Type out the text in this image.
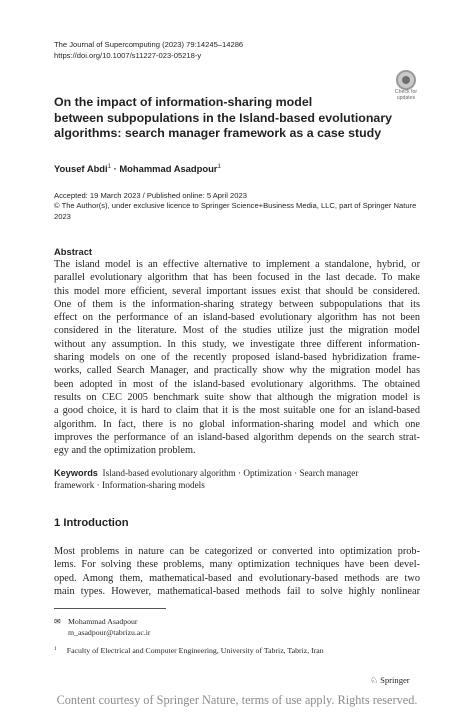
The Journal of Supercomputing (2023) 79:14245–14286
https://doi.org/10.1007/s11227-023-05218-y
Check for
updates
On the impact of information-sharing model
between subpopulations in the Island-based evolutionary
algorithms: search manager framework as a case study
Yousef Abdi$^1$ · Mohammad Asadpour$^1$
Accepted: 19 March 2023 / Published online: 5 April 2023
© The Author(s), under exclusive licence to Springer Science+Business Media, LLC, part of Springer Nature
2023
Abstract
The island model is an effective alternative to implement a standalone, hybrid, or
parallel evolutionary algorithm that has been focused in the last decade. To make
this model more efficient, several important issues exist that should be considered.
One of them is the information-sharing strategy between subpopulations that its
effect on the performance of an island-based evolutionary algorithm has not been
considered in the literature. Most of the studies utilize just the migration model
without any assumption. In this study, we investigate three different information-
sharing models on one of the recently proposed island-based hybridization frame-
works, called Search Manager, and practically show why the migration model has
been adopted in most of the island-based evolutionary algorithms. The obtained
results on CEC 2005 benchmark suite show that although the migration model is
a good choice, it is hard to claim that it is the most suitable one for an island-based
algorithm. In fact, there is no global information-sharing model and which one
improves the performance of an island-based algorithm depends on the search strat-
egy and the optimization problem.
Keywords Island-based evolutionary algorithm · Optimization · Search manager
framework · Information-sharing models
1 Introduction
Most problems in nature can be categorized or converted into optimization prob-
lems. For solving these problems, many optimization techniques have been devel-
oped. Among them, mathematical-based and evolutionary-based methods are two
main types. However, mathematical-based methods fail to solve highly nonlinear
✉ Mohammad Asadpour
m_asadpour@tabrizu.ac.ir
$^1$ Faculty of Electrical and Computer Engineering, University of Tabriz, Tabriz, Iran
♘ Springer
Content courtesy of Springer Nature, terms of use apply. Rights reserved.
